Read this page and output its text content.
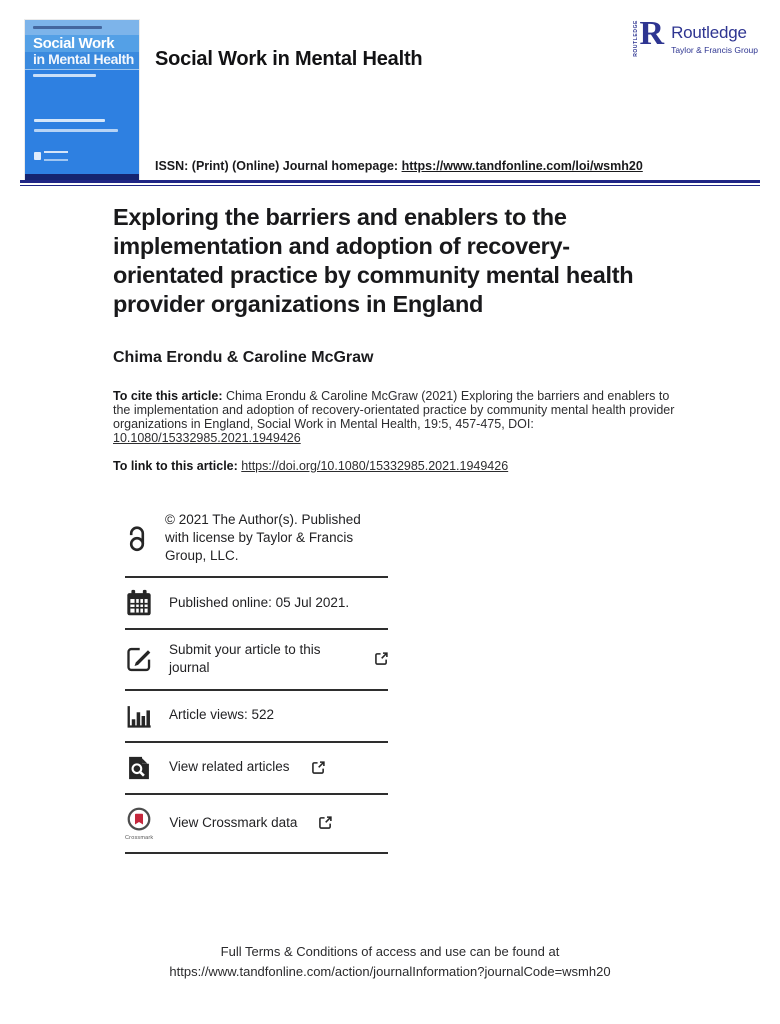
Social Work
in Mental Health Social Work in Mental Health
ROUTLEDGE R Routledge
Taylor & Francis Group
ISSN: (Print) (Online) Journal homepage: https://www.tandfonline.com/loi/wsmh20
Exploring the barriers and enablers to the implementation and adoption of recovery-orientated practice by community mental health provider organizations in England
Chima Erondu & Caroline McGraw
To cite this article: Chima Erondu & Caroline McGraw (2021) Exploring the barriers and enablers to the implementation and adoption of recovery-orientated practice by community mental health provider organizations in England, Social Work in Mental Health, 19:5, 457-475, DOI: 10.1080/15332985.2021.1949426
To link to this article: https://doi.org/10.1080/15332985.2021.1949426
© 2021 The Author(s). Published with license by Taylor & Francis Group, LLC.
Published online: 05 Jul 2021.
Submit your article to this journal
Article views: 522
View related articles
Crossmark
View Crossmark data
Full Terms & Conditions of access and use can be found at
https://www.tandfonline.com/action/journalInformation?journalCode=wsmh20
